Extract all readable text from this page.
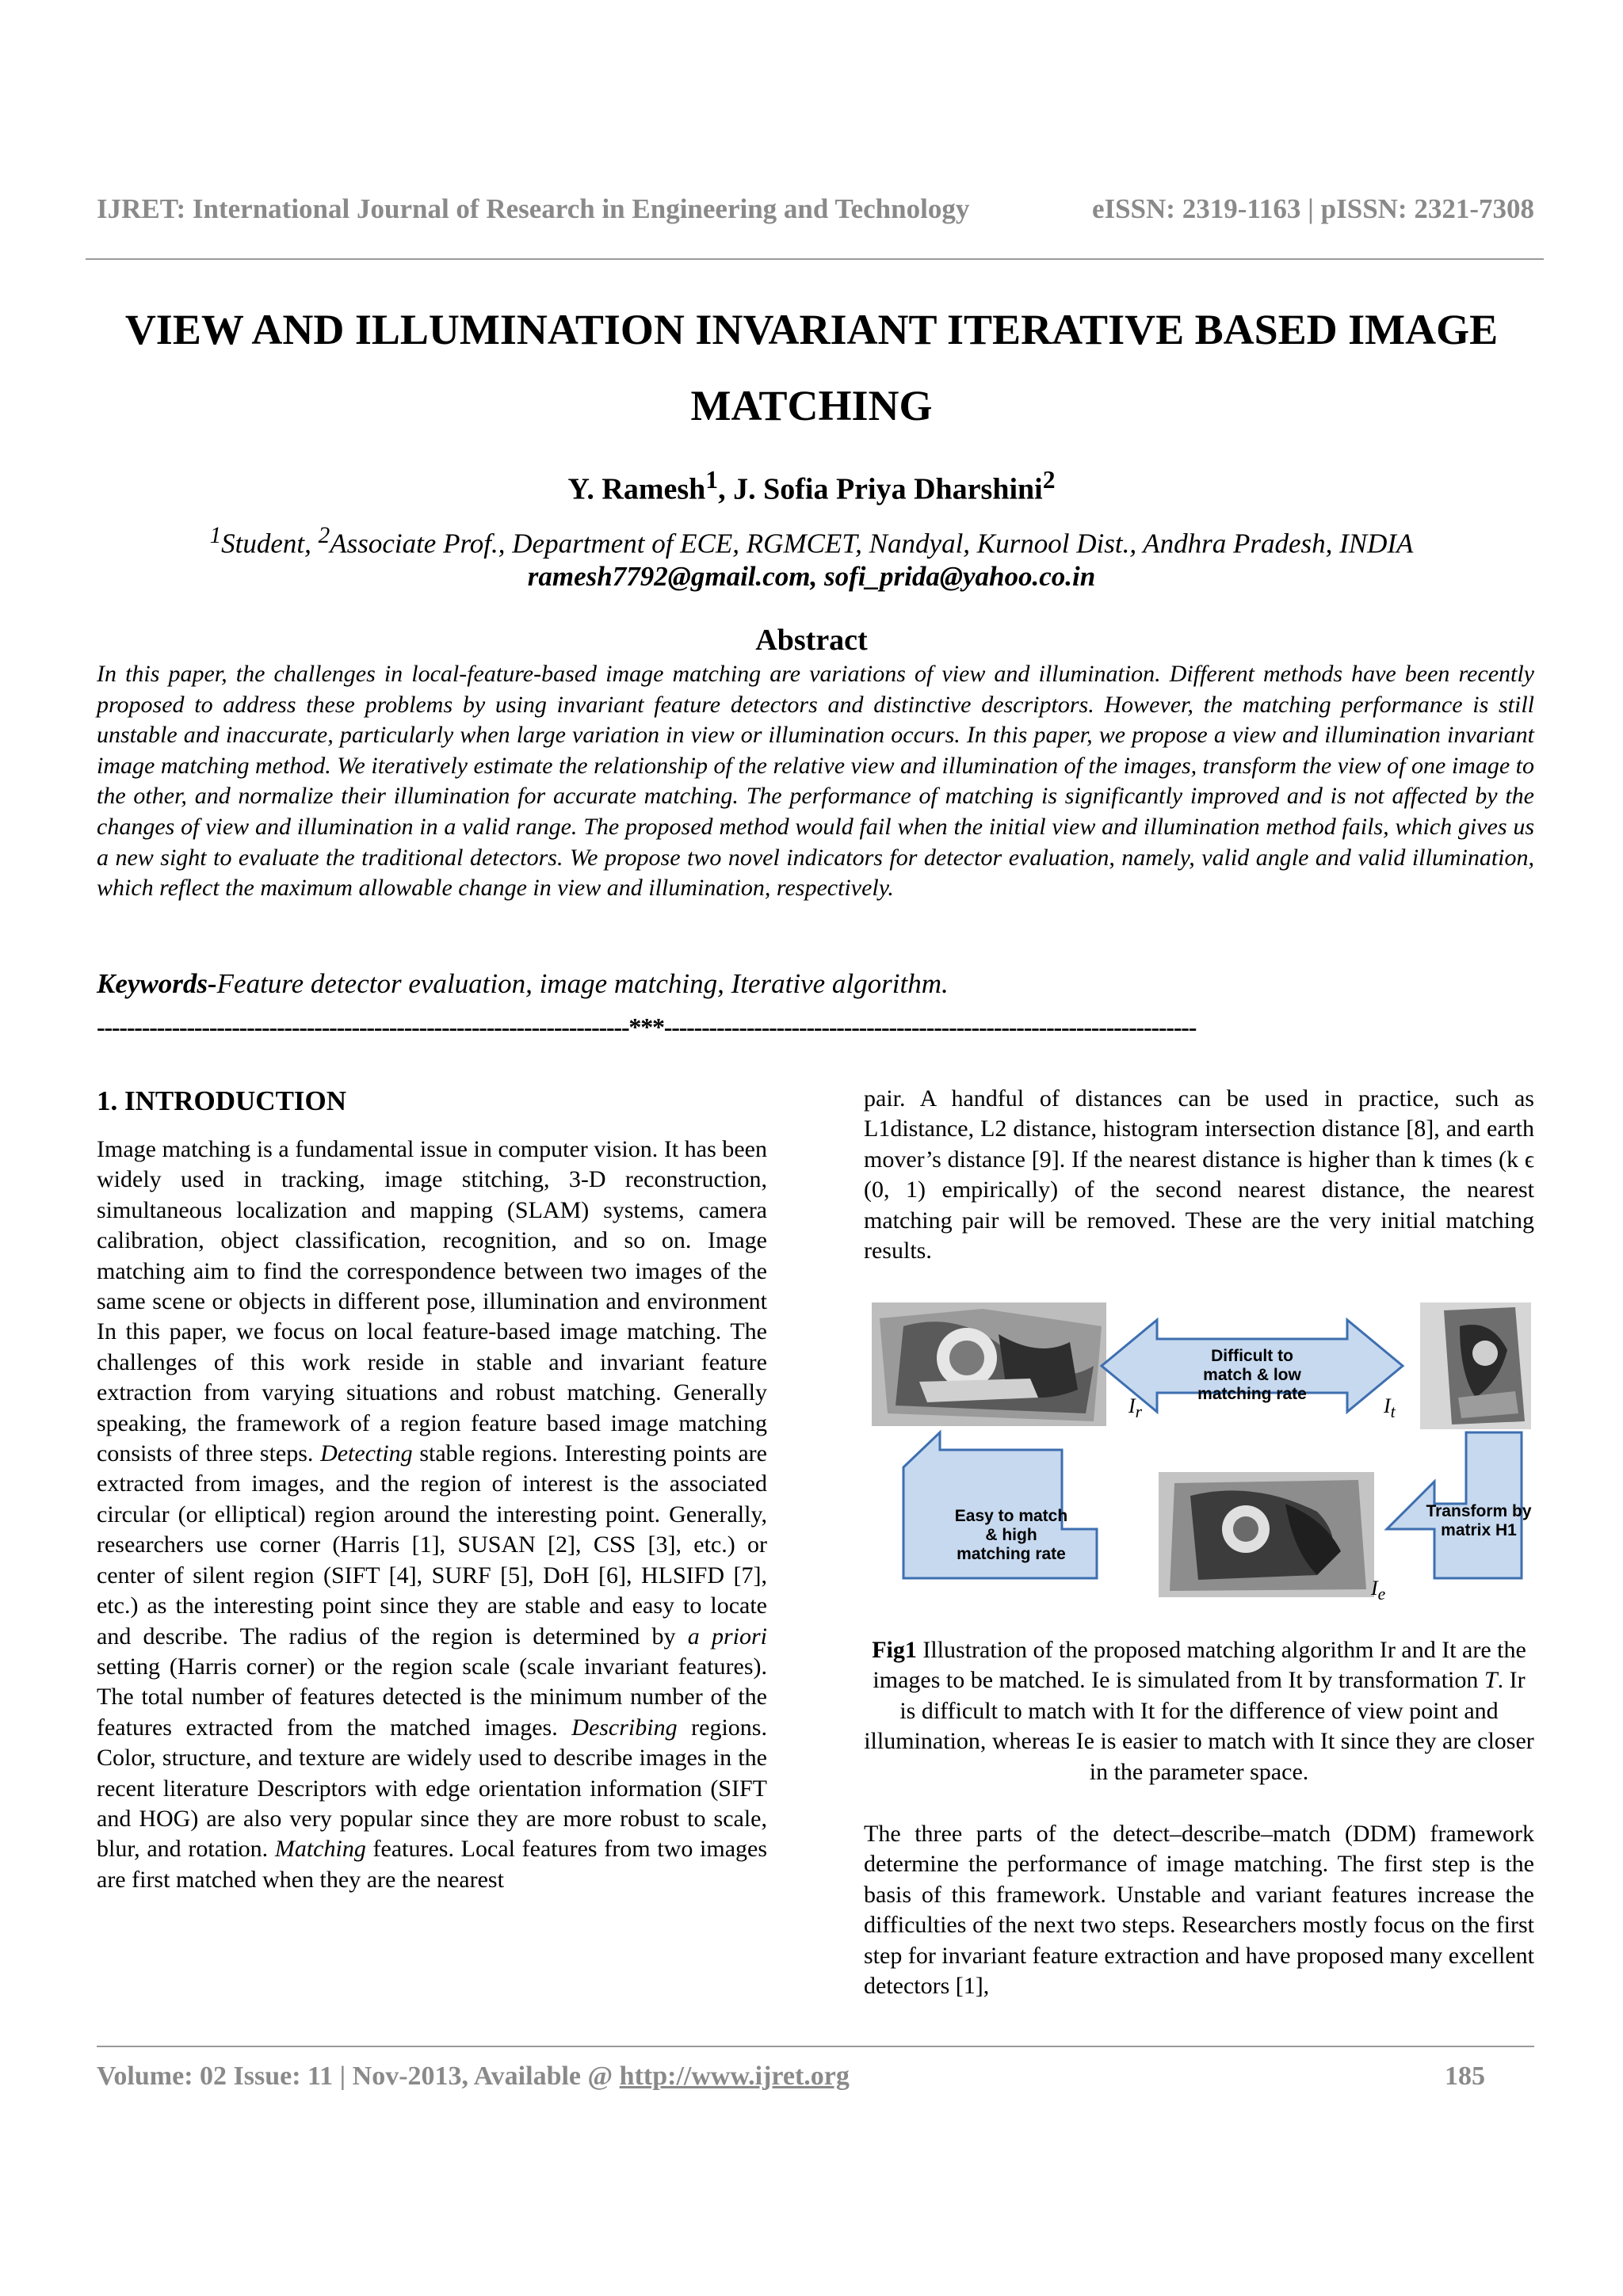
IJRET: International Journal of Research in Engineering and Technology	eISSN: 2319-1163 | pISSN: 2321-7308
VIEW AND ILLUMINATION INVARIANT ITERATIVE BASED IMAGE
MATCHING
Y. Ramesh$^1$, J. Sofia Priya Dharshini$^2$
$^1$Student, $^2$Associate Prof., Department of ECE, RGMCET, Nandyal, Kurnool Dist., Andhra Pradesh, INDIA
ramesh7792@gmail.com, sofi_prida@yahoo.co.in
Abstract
In this paper, the challenges in local-feature-based image matching are variations of view and illumination. Different methods have been recently proposed to address these problems by using invariant feature detectors and distinctive descriptors. However, the matching performance is still unstable and inaccurate, particularly when large variation in view or illumination occurs. In this paper, we propose a view and illumination invariant image matching method. We iteratively estimate the relationship of the relative view and illumination of the images, transform the view of one image to the other, and normalize their illumination for accurate matching. The performance of matching is significantly improved and is not affected by the changes of view and illumination in a valid range. The proposed method would fail when the initial view and illumination method fails, which gives us a new sight to evaluate the traditional detectors. We propose two novel indicators for detector evaluation, namely, valid angle and valid illumination, which reflect the maximum allowable change in view and illumination, respectively.
Keywords-Feature detector evaluation, image matching, Iterative algorithm.
-----------------------------------------------------------------------***-----------------------------------------------------------------------
1. INTRODUCTION

Image matching is a fundamental issue in computer vision. It has been widely used in tracking, image stitching, 3-D reconstruction, simultaneous localization and mapping (SLAM) systems, camera calibration, object classification, recognition, and so on. Image matching aim to find the correspondence between two images of the same scene or objects in different pose, illumination and environment In this paper, we focus on local feature-based image matching. The challenges of this work reside in stable and invariant feature extraction from varying situations and robust matching. Generally speaking, the framework of a region feature based image matching consists of three steps. Detecting stable regions. Interesting points are extracted from images, and the region of interest is the associated circular (or elliptical) region around the interesting point. Generally, researchers use corner (Harris [1], SUSAN [2], CSS [3], etc.) or center of silent region (SIFT [4], SURF [5], DoH [6], HLSIFD [7], etc.) as the interesting point since they are stable and easy to locate and describe. The radius of the region is determined by a priori setting (Harris corner) or the region scale (scale invariant features). The total number of features detected is the minimum number of the features extracted from the matched images. Describing regions. Color, structure, and texture are widely used to describe images in the recent literature Descriptors with edge orientation information (SIFT and HOG) are also very popular since they are more robust to scale, blur, and rotation. Matching features. Local features from two images are first matched when they are the nearest

pair. A handful of distances can be used in practice, such as L1distance, L2 distance, histogram intersection distance [8], and earth mover’s distance [9]. If the nearest distance is higher than k times (k ϵ (0, 1) empirically) of the second nearest distance, the nearest matching pair will be removed. These are the very initial matching results.
Difficult to
match & low
matching rate
Easy to match
& high
matching rate
Transform by
matrix H1
$I_r$	$I_t$
$I_e$
Fig1 Illustration of the proposed matching algorithm Ir and It are the images to be matched. Ie is simulated from It by transformation T. Ir is difficult to match with It for the difference of view point and illumination, whereas Ie is easier to match with It since they are closer in the parameter space.
The three parts of the detect–describe–match (DDM) framework determine the performance of image matching. The first step is the basis of this framework. Unstable and variant features increase the difficulties of the next two steps. Researchers mostly focus on the first step for invariant feature extraction and have proposed many excellent detectors [1],
Volume: 02 Issue: 11 | Nov-2013, Available @ http://www.ijret.org	185
